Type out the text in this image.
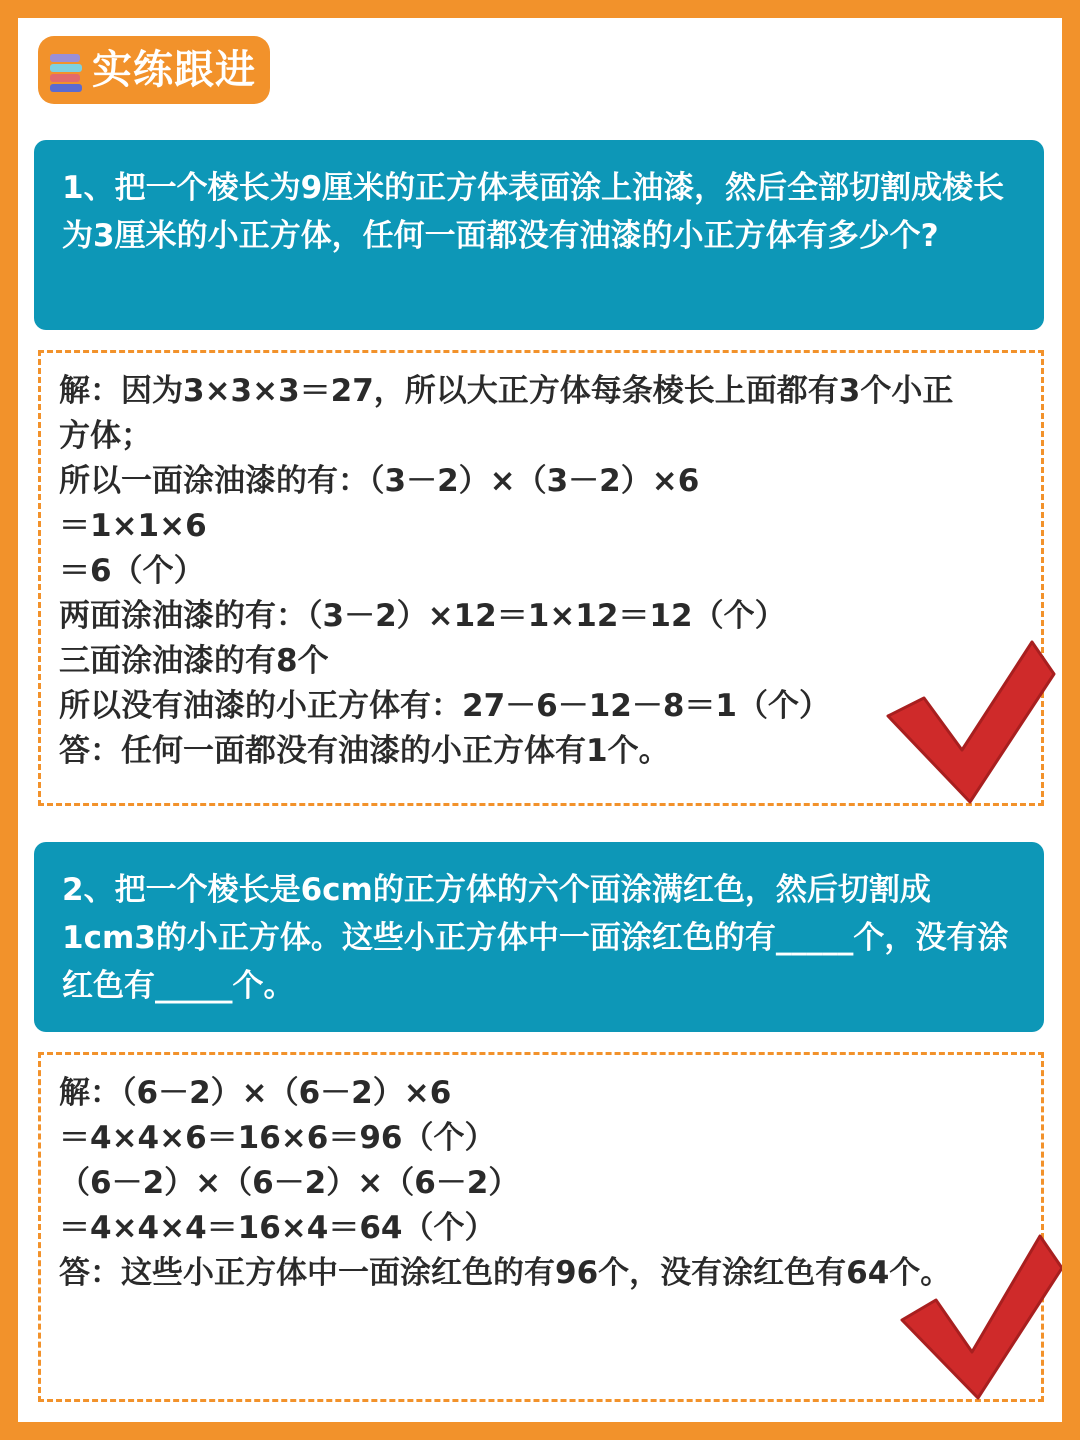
实练跟进
1、把一个棱长为9厘米的正方体表面涂上油漆，然后全部切割成棱长为3厘米的小正方体，任何一面都没有油漆的小正方体有多少个?
解：因为3×3×3＝27，所以大正方体每条棱长上面都有3个小正方体；
所以一面涂油漆的有：（3－2）×（3－2）×6
＝1×1×6
＝6（个）
两面涂油漆的有：（3－2）×12＝1×12＝12（个）
三面涂油漆的有8个
所以没有油漆的小正方体有：27－6－12－8＝1（个）
答：任何一面都没有油漆的小正方体有1个。
2、把一个棱长是6cm的正方体的六个面涂满红色，然后切割成1cm3的小正方体。这些小正方体中一面涂红色的有_____个，没有涂红色有_____个。
解：（6－2）×（6－2）×6
＝4×4×6＝16×6＝96（个）
（6－2）×（6－2）×（6－2）
＝4×4×4＝16×4＝64（个）
答：这些小正方体中一面涂红色的有96个，没有涂红色有64个。
